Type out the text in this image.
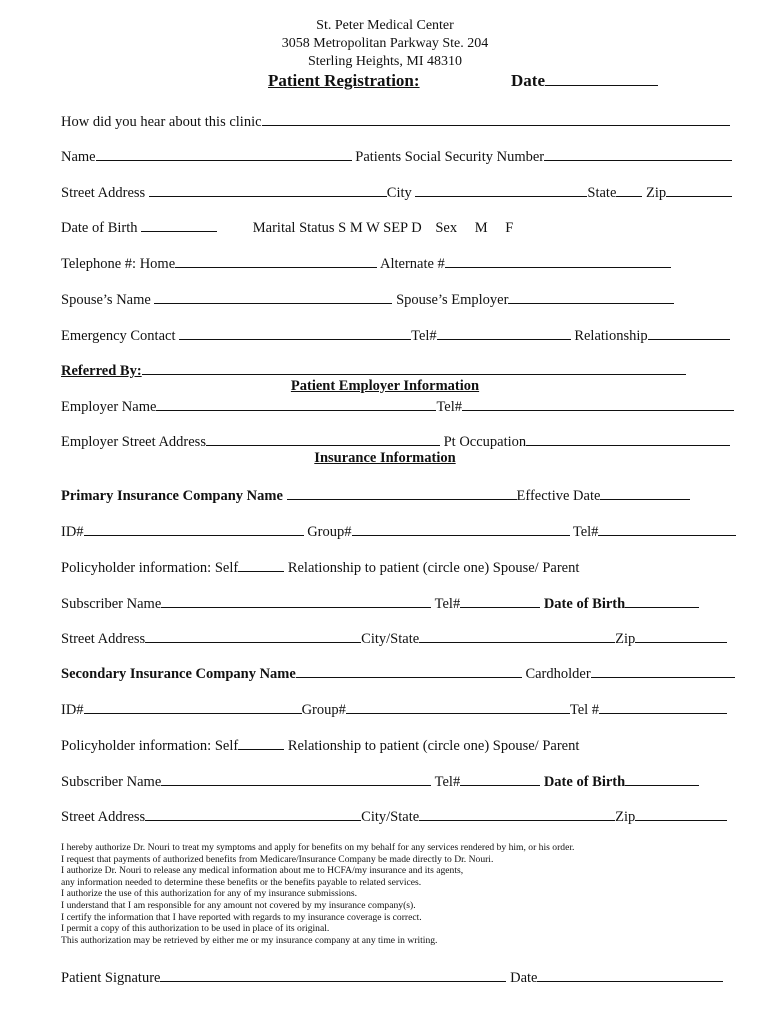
St. Peter Medical Center
3058 Metropolitan Parkway Ste. 204
Sterling Heights, MI 48310
Patient Registration:	Date
How did you hear about this clinic
Name	Patients Social Security Number
Street Address	City	State Zip
Date of Birth	Marital Status S M W SEP D Sex M F
Telephone #: Home	Alternate #
Spouse’s Name	Spouse’s Employer
Emergency Contact	Tel#	Relationship
Referred By:
Patient Employer Information
Employer Name	Tel#
Employer Street Address	Pt Occupation
Insurance Information
Primary Insurance Company Name	Effective Date
ID#	Group#	Tel#
Policyholder information: Self	Relationship to patient (circle one) Spouse/ Parent
Subscriber Name	Tel#	Date of Birth
Street Address	City/State	Zip
Secondary Insurance Company Name	Cardholder
ID#	Group#	Tel #
Policyholder information: Self	Relationship to patient (circle one) Spouse/ Parent
Subscriber Name	Tel#	Date of Birth
Street Address	City/State	Zip
I hereby authorize Dr. Nouri to treat my symptoms and apply for benefits on my behalf for any services rendered by him, or his order.
I request that payments of authorized benefits from Medicare/Insurance Company be made directly to Dr. Nouri.
I authorize Dr. Nouri to release any medical information about me to HCFA/my insurance and its agents,
any information needed to determine these benefits or the benefits payable to related services.
I authorize the use of this authorization for any of my insurance submissions.
I understand that I am responsible for any amount not covered by my insurance company(s).
I certify the information that I have reported with regards to my insurance coverage is correct.
I permit a copy of this authorization to be used in place of its original.
This authorization may be retrieved by either me or my insurance company at any time in writing.
Patient Signature	Date
